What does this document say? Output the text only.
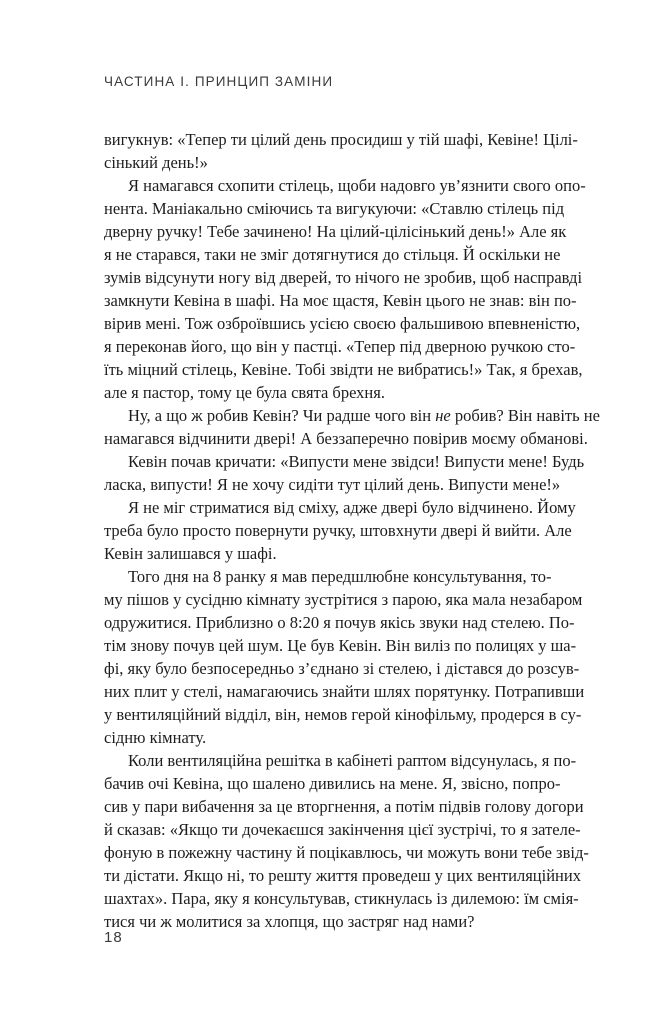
ЧАСТИНА І. ПРИНЦИП ЗАМІНИ
вигукнув: «Тепер ти цілий день просидиш у тій шафі, Кевіне! Цілі-
сінький день!»
Я намагався схопити стілець, щоби надовго ув’язнити свого опо-
нента. Маніакально сміючись та вигукуючи: «Ставлю стілець під
дверну ручку! Тебе зачинено! На цілий-цілісінький день!» Але як
я не старався, таки не зміг дотягнутися до стільця. Й оскільки не
зумів відсунути ногу від дверей, то нічого не зробив, щоб насправді
замкнути Кевіна в шафі. На моє щастя, Кевін цього не знав: він по-
вірив мені. Тож озброївшись усією своєю фальшивою впевненістю,
я переконав його, що він у пастці. «Тепер під дверною ручкою сто-
їть міцний стілець, Кевіне. Тобі звідти не вибратись!» Так, я брехав,
але я пастор, тому це була свята брехня.
Ну, а що ж робив Кевін? Чи радше чого він не робив? Він навіть не
намагався відчинити двері! А беззаперечно повірив моєму обманові.
Кевін почав кричати: «Випусти мене звідси! Випусти мене! Будь
ласка, випусти! Я не хочу сидіти тут цілий день. Випусти мене!»
Я не міг стриматися від сміху, адже двері було відчинено. Йому
треба було просто повернути ручку, штовхнути двері й вийти. Але
Кевін залишався у шафі.
Того дня на 8 ранку я мав передшлюбне консультування, то-
му пішов у сусідню кімнату зустрітися з парою, яка мала незабаром
одружитися. Приблизно о 8:20 я почув якісь звуки над стелею. По-
тім знову почув цей шум. Це був Кевін. Він виліз по полицях у ша-
фі, яку було безпосередньо з’єднано зі стелею, і дістався до розсув-
них плит у стелі, намагаючись знайти шлях порятунку. Потрапивши
у вентиляційний відділ, він, немов герой кінофільму, продерся в су-
сідню кімнату.
Коли вентиляційна решітка в кабінеті раптом відсунулась, я по-
бачив очі Кевіна, що шалено дивились на мене. Я, звісно, попро-
сив у пари вибачення за це вторгнення, а потім підвів голову догори
й сказав: «Якщо ти дочекаєшся закінчення цієї зустрічі, то я зателе-
фоную в пожежну частину й поцікавлюсь, чи можуть вони тебе звід-
ти дістати. Якщо ні, то решту життя проведеш у цих вентиляційних
шахтах». Пара, яку я консультував, стикнулась із дилемою: їм смія-
тися чи ж молитися за хлопця, що застряг над нами?
18
